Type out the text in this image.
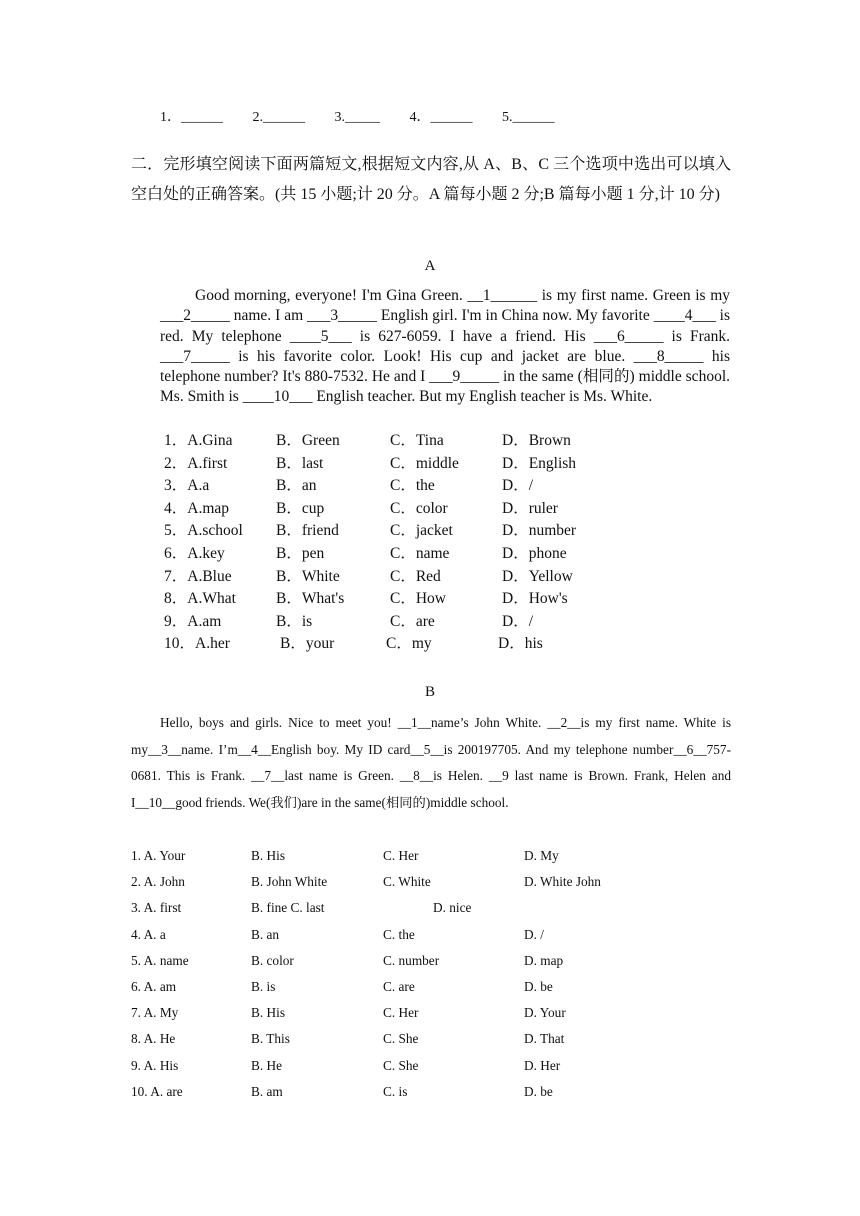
1．______ 2.______ 3._____ 4．______ 5.______
二．完形填空阅读下面两篇短文,根据短文内容,从 A、B、C 三个选项中选出可以填入空白处的正确答案。(共 15 小题;计 20 分。A 篇每小题 2 分;B 篇每小题 1 分,计 10 分)
A
Good morning, everyone! I'm Gina Green. __1______ is my first name. Green is my ___2_____ name. I am ___3_____ English girl. I'm in China now. My favorite ____4___ is red. My telephone ____5___ is 627-6059. I have a friend. His ___6_____ is Frank. ___7_____ is his favorite color. Look! His cup and jacket are blue. ___8_____ his telephone number? It's 880-7532. He and I ___9_____ in the same (相同的) middle school. Ms. Smith is ____10___ English teacher. But my English teacher is Ms. White.
1．A.Gina	B．Green	C．Tina	D．Brown
2．A.first	B．last	C．middle	D．English
3．A.a	B．an	C．the	D．/
4．A.map	B．cup	C．color	D．ruler
5．A.school B．friend	C．jacket	D．number
6．A.key	B．pen	C．name	D．phone
7．A.Blue	B．White	C．Red	D．Yellow
8．A.What	B．What's	C．How	D．How's
9．A.am	B．is	C．are	D．/
10．A.her	B．your	C．my	D．his
B
Hello, boys and girls. Nice to meet you! __1__name’s John White. __2__is my first name. White is my__3__name. I’m__4__English boy. My ID card__5__is 200197705. And my telephone number__6__757-0681. This is Frank. __7__last name is Green. __8__is Helen. __9 last name is Brown. Frank, Helen and I__10__good friends. We(我们)are in the same(相同的)middle school.
1. A. Your	B. His	C. Her	D. My
2. A. John	B. John White	C. White	D. White John
3. A. first	B. fine C. last	D. nice
4. A. a	B. an	C. the	D. /
5. A. name	B. color	C. number	D. map
6. A. am	B. is	C. are	D. be
7. A. My	B. His	C. Her	D. Your
8. A. He	B. This	C. She	D. That
9. A. His	B. He	C. She	D. Her
10. A. are	B. am	C. is	D. be
